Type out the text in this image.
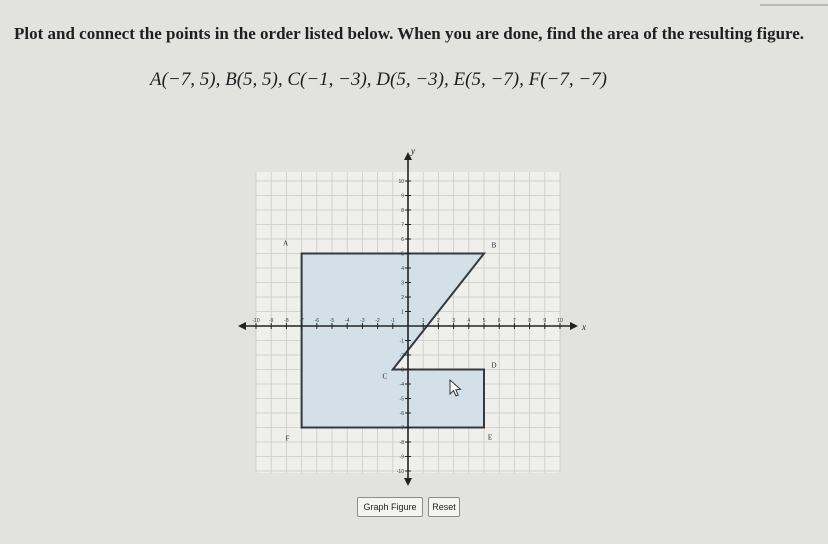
Plot and connect the points in the order listed below. When you are done, find the area of the resulting figure.
A(−7, 5), B(5, 5), C(−1, −3), D(5, −3), E(5, −7), F(−7, −7)
x
y
-10 -9 -8 -7 -6 -5 -4 -3 -2 -1	1 2 3 4 5 6 7 8 9 10
10
9
8
7
6
5
4
3
2
1
-1
-2
-3
-4
-5
-6
-7
-8
-9
-10
A	B
C
D
E
F
Graph Figure	Reset
